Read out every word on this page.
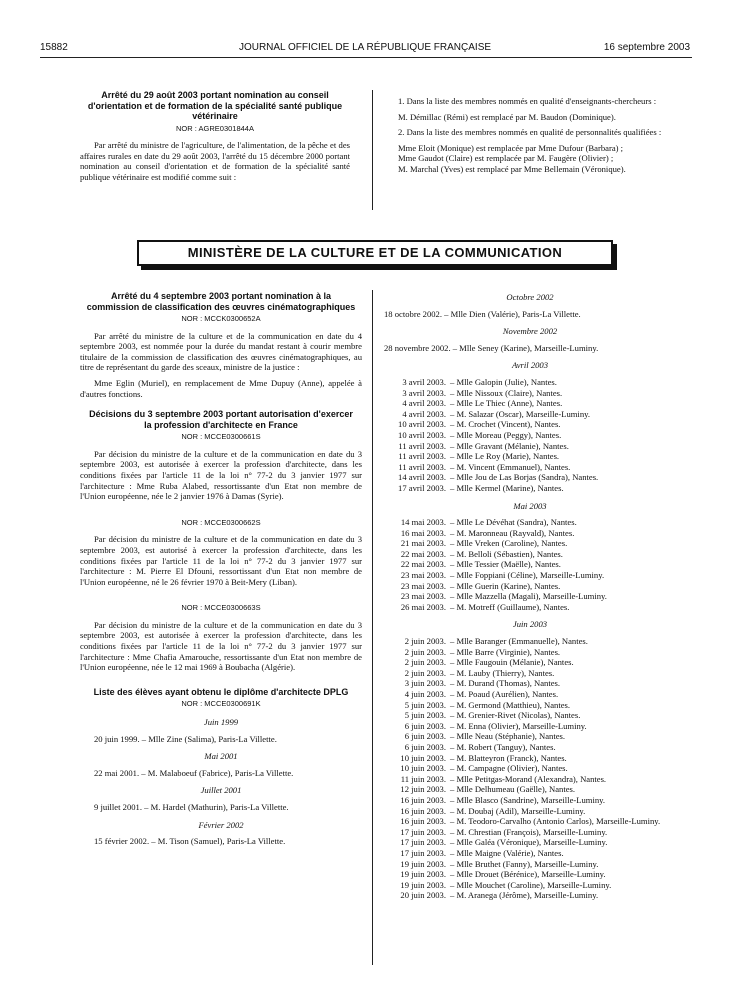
15882	JOURNAL OFFICIEL DE LA RÉPUBLIQUE FRANÇAISE	16 septembre 2003
Arrêté du 29 août 2003 portant nomination au conseil d'orientation et de formation de la spécialité santé publique vétérinaire
NOR : AGRE0301844A
Par arrêté du ministre de l'agriculture, de l'alimentation, de la pêche et des affaires rurales en date du 29 août 2003, l'arrêté du 15 décembre 2000 portant nomination au conseil d'orientation et de formation de la spécialité santé publique vétérinaire est modifié comme suit :
1. Dans la liste des membres nommés en qualité d'enseignants-chercheurs :
M. Démillac (Rémi) est remplacé par M. Baudon (Dominique).
2. Dans la liste des membres nommés en qualité de personnalités qualifiées :
Mme Eloit (Monique) est remplacée par Mme Dufour (Barbara) ;
Mme Gaudot (Claire) est remplacée par M. Faugère (Olivier) ;
M. Marchal (Yves) est remplacé par Mme Bellemain (Véronique).
MINISTÈRE DE LA CULTURE ET DE LA COMMUNICATION
Arrêté du 4 septembre 2003 portant nomination à la commission de classification des œuvres cinématographiques
NOR : MCCK0300652A
Par arrêté du ministre de la culture et de la communication en date du 4 septembre 2003, est nommée pour la durée du mandat restant à courir membre titulaire de la commission de classification des œuvres cinématographiques, au titre de représentant du garde des sceaux, ministre de la justice :
Mme Eglin (Muriel), en remplacement de Mme Dupuy (Anne), appelée à d'autres fonctions.
Décisions du 3 septembre 2003 portant autorisation d'exercer la profession d'architecte en France
NOR : MCCE0300661S
Par décision du ministre de la culture et de la communication en date du 3 septembre 2003, est autorisée à exercer la profession d'architecte, dans les conditions fixées par l'article 11 de la loi n° 77-2 du 3 janvier 1977 sur l'architecture : Mme Ruba Alabed, ressortissante d'un Etat non membre de l'Union européenne, née le 2 janvier 1976 à Damas (Syrie).
NOR : MCCE0300662S
Par décision du ministre de la culture et de la communication en date du 3 septembre 2003, est autorisé à exercer la profession d'architecte, dans les conditions fixées par l'article 11 de la loi n° 77-2 du 3 janvier 1977 sur l'architecture : M. Pierre El Dfouni, ressortissant d'un Etat non membre de l'Union européenne, né le 26 février 1970 à Beit-Mery (Liban).
NOR : MCCE0300663S
Par décision du ministre de la culture et de la communication en date du 3 septembre 2003, est autorisée à exercer la profession d'architecte, dans les conditions fixées par l'article 11 de la loi n° 77-2 du 3 janvier 1977 sur l'architecture : Mme Chafia Amarouche, ressortissante d'un Etat non membre de l'Union européenne, née le 12 mai 1969 à Boubacha (Algérie).
Liste des élèves ayant obtenu le diplôme d'architecte DPLG
NOR : MCCE0300691K
Juin 1999
20 juin 1999. – Mlle Zine (Salima), Paris-La Villette.
Mai 2001
22 mai 2001. – M. Malaboeuf (Fabrice), Paris-La Villette.
Juillet 2001
9 juillet 2001. – M. Hardel (Mathurin), Paris-La Villette.
Février 2002
15 février 2002. – M. Tison (Samuel), Paris-La Villette.
Octobre 2002
18 octobre 2002. – Mlle Dien (Valérie), Paris-La Villette.
Novembre 2002
28 novembre 2002. – Mlle Seney (Karine), Marseille-Luminy.
Avril 2003
3 avril 2003. – Mlle Galopin (Julie), Nantes.
3 avril 2003. – Mlle Nissoux (Claire), Nantes.
4 avril 2003. – Mlle Le Thiec (Anne), Nantes.
4 avril 2003. – M. Salazar (Oscar), Marseille-Luminy.
10 avril 2003. – M. Crochet (Vincent), Nantes.
10 avril 2003. – Mlle Moreau (Peggy), Nantes.
11 avril 2003. – Mlle Gravant (Mélanie), Nantes.
11 avril 2003. – Mlle Le Roy (Marie), Nantes.
11 avril 2003. – M. Vincent (Emmanuel), Nantes.
14 avril 2003. – Mlle Jou de Las Borjas (Sandra), Nantes.
17 avril 2003. – Mlle Kermel (Marine), Nantes.
Mai 2003
14 mai 2003. – Mlle Le Dévéhat (Sandra), Nantes.
16 mai 2003. – M. Maronneau (Rayvald), Nantes.
21 mai 2003. – Mlle Vreken (Caroline), Nantes.
22 mai 2003. – M. Belloli (Sébastien), Nantes.
22 mai 2003. – Mlle Tessier (Maëlle), Nantes.
23 mai 2003. – Mlle Foppiani (Céline), Marseille-Luminy.
23 mai 2003. – Mlle Guerin (Karine), Nantes.
23 mai 2003. – Mlle Mazzella (Magali), Marseille-Luminy.
26 mai 2003. – M. Motreff (Guillaume), Nantes.
Juin 2003
2 juin 2003. – Mlle Baranger (Emmanuelle), Nantes.
2 juin 2003. – Mlle Barre (Virginie), Nantes.
2 juin 2003. – Mlle Faugouin (Mélanie), Nantes.
2 juin 2003. – M. Lauby (Thierry), Nantes.
3 juin 2003. – M. Durand (Thomas), Nantes.
4 juin 2003. – M. Poaud (Aurélien), Nantes.
5 juin 2003. – M. Germond (Matthieu), Nantes.
5 juin 2003. – M. Grenier-Rivet (Nicolas), Nantes.
6 juin 2003. – M. Enna (Olivier), Marseille-Luminy.
6 juin 2003. – Mlle Neau (Stéphanie), Nantes.
6 juin 2003. – M. Robert (Tanguy), Nantes.
10 juin 2003. – M. Blatteyron (Franck), Nantes.
10 juin 2003. – M. Campagne (Olivier), Nantes.
11 juin 2003. – Mlle Petitgas-Morand (Alexandra), Nantes.
12 juin 2003. – Mlle Delhumeau (Gaëlle), Nantes.
16 juin 2003. – Mlle Blasco (Sandrine), Marseille-Luminy.
16 juin 2003. – M. Doubaj (Adil), Marseille-Luminy.
16 juin 2003. – M. Teodoro-Carvalho (Antonio Carlos), Marseille-Luminy.
17 juin 2003. – M. Chrestian (François), Marseille-Luminy.
17 juin 2003. – Mlle Galéa (Véronique), Marseille-Luminy.
17 juin 2003. – Mlle Maigne (Valérie), Nantes.
19 juin 2003. – Mlle Bruthet (Fanny), Marseille-Luminy.
19 juin 2003. – Mlle Drouet (Bérénice), Marseille-Luminy.
19 juin 2003. – Mlle Mouchet (Caroline), Marseille-Luminy.
20 juin 2003. – M. Aranega (Jérôme), Marseille-Luminy.
